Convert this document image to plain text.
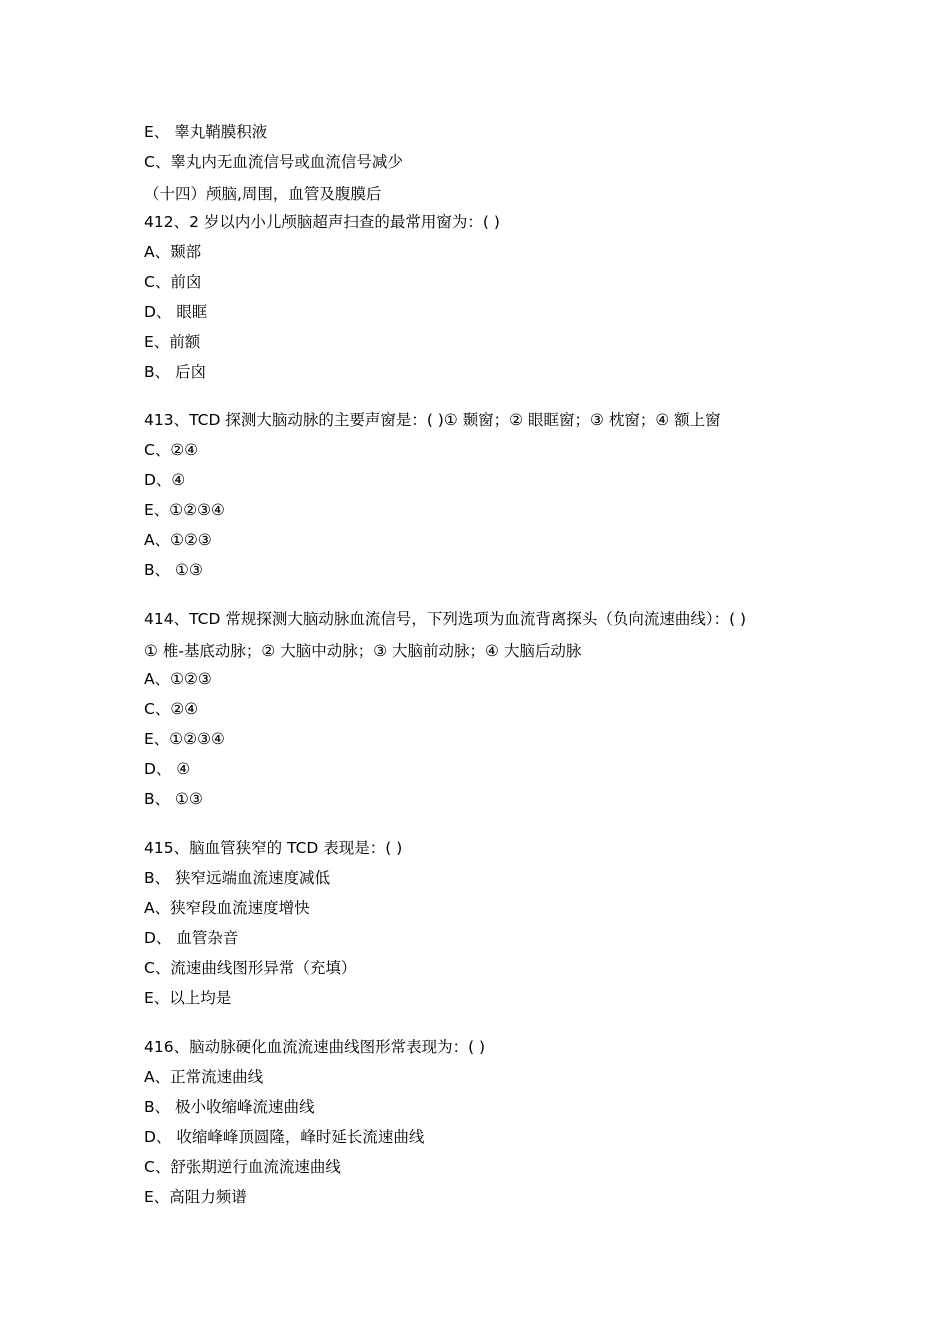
E、 睾丸鞘膜积液
C、睾丸内无血流信号或血流信号减少
（十四）颅脑,周围，血管及腹膜后
412、2 岁以内小儿颅脑超声扫查的最常用窗为：( )
A、颞部
C、前囟
D、 眼眶
E、前额
B、 后囟
413、TCD 探测大脑动脉的主要声窗是：( )① 颞窗；② 眼眶窗；③ 枕窗；④ 额上窗
C、②④
D、④
E、①②③④
A、①②③
B、 ①③
414、TCD 常规探测大脑动脉血流信号，下列选项为血流背离探头（负向流速曲线）：( )
① 椎-基底动脉；② 大脑中动脉；③ 大脑前动脉；④ 大脑后动脉
A、①②③
C、②④
E、①②③④
D、 ④
B、 ①③
415、脑血管狭窄的 TCD 表现是：( )
B、 狭窄远端血流速度减低
A、狭窄段血流速度增快
D、 血管杂音
C、流速曲线图形异常（充填）
E、以上均是
416、脑动脉硬化血流流速曲线图形常表现为：( )
A、正常流速曲线
B、 极小收缩峰流速曲线
D、 收缩峰峰顶圆隆，峰时延长流速曲线
C、舒张期逆行血流流速曲线
E、高阻力频谱
